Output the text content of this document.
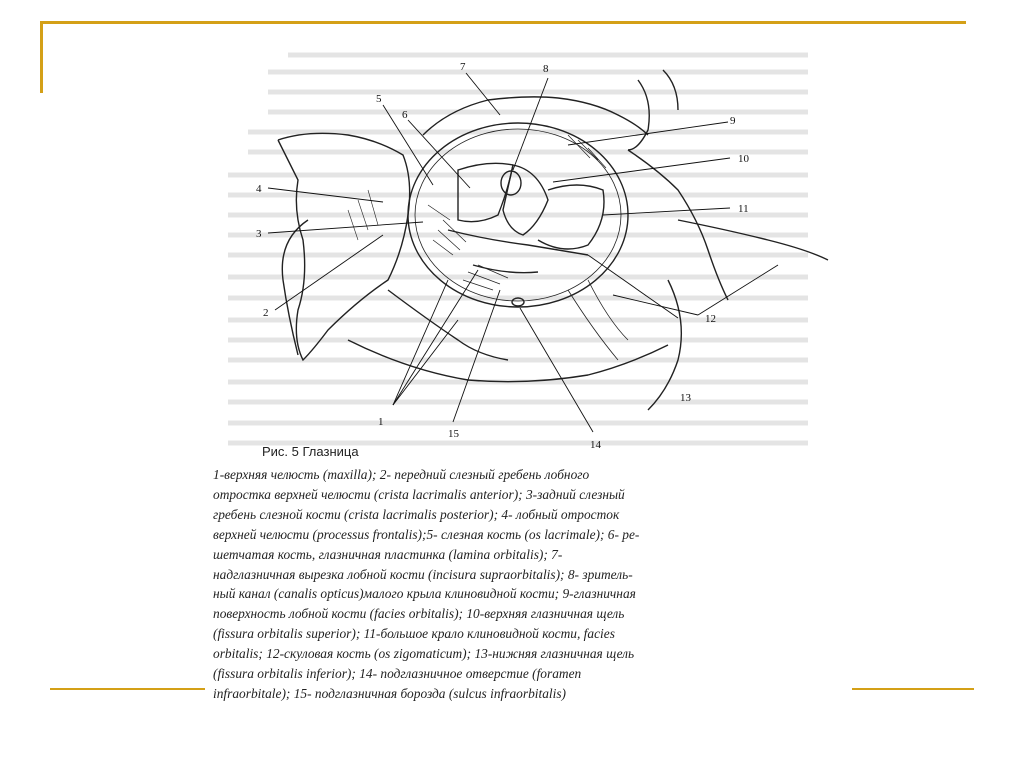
4
3
2
5
6
7	8
9
10
11
12
13
14
15
1
Рис. 5 Глазница
1-верхняя челюсть (maxilla); 2- передний слезный гребень лобного
отростка верхней челюсти (crista lacrimalis anterior); 3-задний слезный
гребень слезной кости (crista lacrimalis posterior); 4- лобный отросток
верхней челюсти (processus frontalis);5- слезная кость (os lacrimale); 6- ре-
шетчатая кость, глазничная пластинка (lamina orbitalis); 7-
надглазничная вырезка лобной кости (incisura supraorbitalis); 8- зритель-
ный канал (canalis opticus)малого крыла клиновидной кости; 9-глазничная
поверхность лобной кости (facies orbitalis); 10-верхняя глазничная щель
(fissura orbitalis superior); 11-большое крало клиновидной кости, facies
orbitalis; 12-скуловая кость (os zigomaticum); 13-нижняя глазничная щель
(fissura orbitalis inferior); 14- подглазничное отверстие (foramen
infraorbitale); 15- подглазничная борозда (sulcus infraorbitalis)
